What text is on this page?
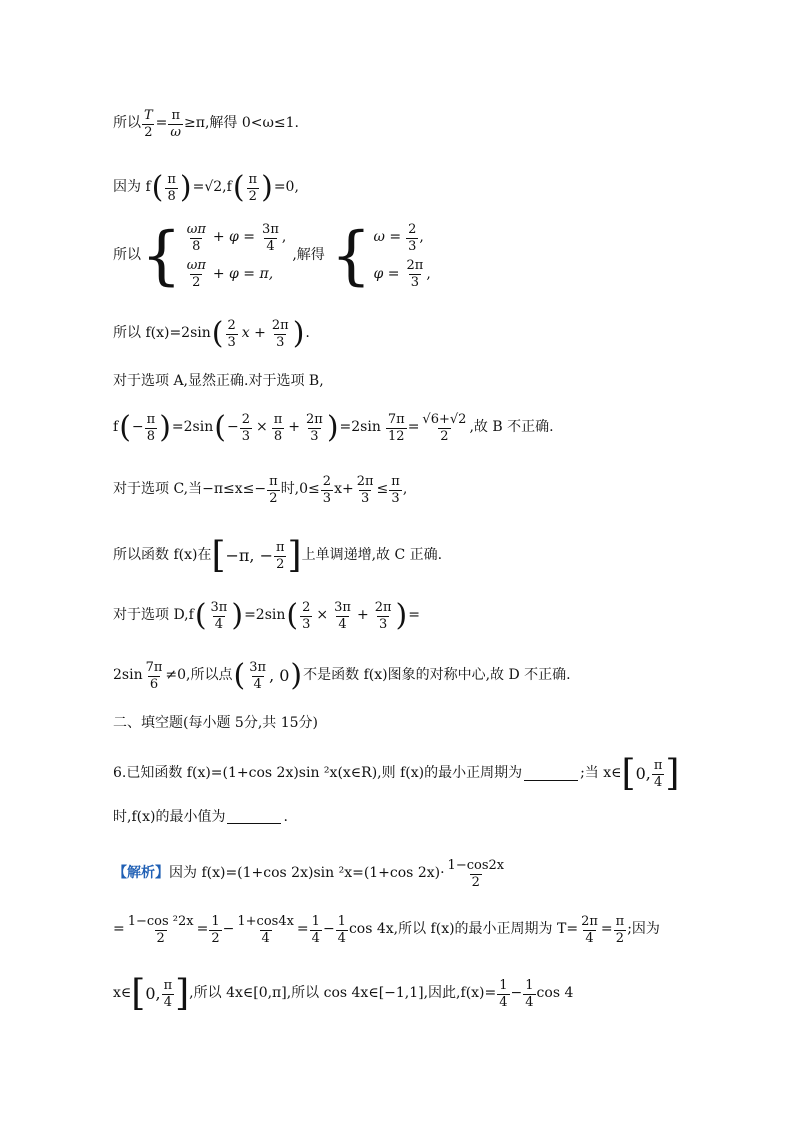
所以 $\frac{T}{2} = \frac{\pi}{\omega} \ge\pi$,解得 0<ω≤1.
因为 f ( $\frac{\pi}{8}$ ) =√2,f ( $\frac{\pi}{2}$ ) =0,
所以 { $\frac{\omega\pi}{8} + \varphi = \frac{3\pi}{4}$ ,
$\frac{\omega\pi}{2} + \varphi = \pi$,
,解得 { $\omega = \frac{2}{3}$ ,
$\varphi = \frac{2\pi}{3}$ ,
所以 f(x)=2sin ( $\frac{2}{3}$ $x + \frac{2\pi}{3}$ ) .
对于选项 A,显然正确.对于选项 B,
f ( − $\frac{\pi}{8}$ ) =2sin ( − $\frac{2}{3} \times \frac{\pi}{8} + \frac{2\pi}{3}$ ) $=2\sin \frac{7\pi}{12} = \frac{√6+√2}{2}$ ,故 B 不正确.
对于选项 C,当$-\pi\le x\le- \frac{\pi}{2}$ 时$,0\le \frac{2}{3} x+ \frac{2\pi}{3} \le \frac{\pi}{3}$ ,
所以函数 f(x)在 [ −π, − $\frac{\pi}{2}$ ] 上单调递增,故 C 正确.
对于选项 D,f ( $\frac{3\pi}{4}$ ) =2sin ( $\frac{2}{3} \times \frac{3\pi}{4} + \frac{2\pi}{3}$ ) =
$2\sin \frac{7\pi}{6} \ne 0$,所以点 ( $\frac{3\pi}{4}$ , 0 ) 不是函数 f(x)图象的对称中心,故 D 不正确.
二、填空题(每小题 5分,共 15分)
6.已知函数 f(x)=(1+cos 2x)sin ²x(x∈R),则 f(x)的最小正周期为	;当 x∈ [ 0, $\frac{\pi}{4}$ ]
时,f(x)的最小值为	.
【解析】 因为 f(x)=(1+cos 2x)sin ²x=(1+cos $2x)\cdot \frac{1-\cos 2x}{2}$
= $\frac{\text{1−cos ²2x}}{2} = \frac{1}{2} - \frac{1+\cos 4x}{4} = \frac{1}{4} - \frac{1}{4}$ cos 4x,所以 f(x)的最小正周期为 $T= \frac{2\pi}{4} = \frac{\pi}{2}$ ;因为
x∈ [ 0, $\frac{\pi}{4}$ ] ,所以 4x∈[0,π],所以 cos 4x∈[−1,1],因此$,f(x)= \frac{1}{4} - \frac{1}{4}$ cos 4
